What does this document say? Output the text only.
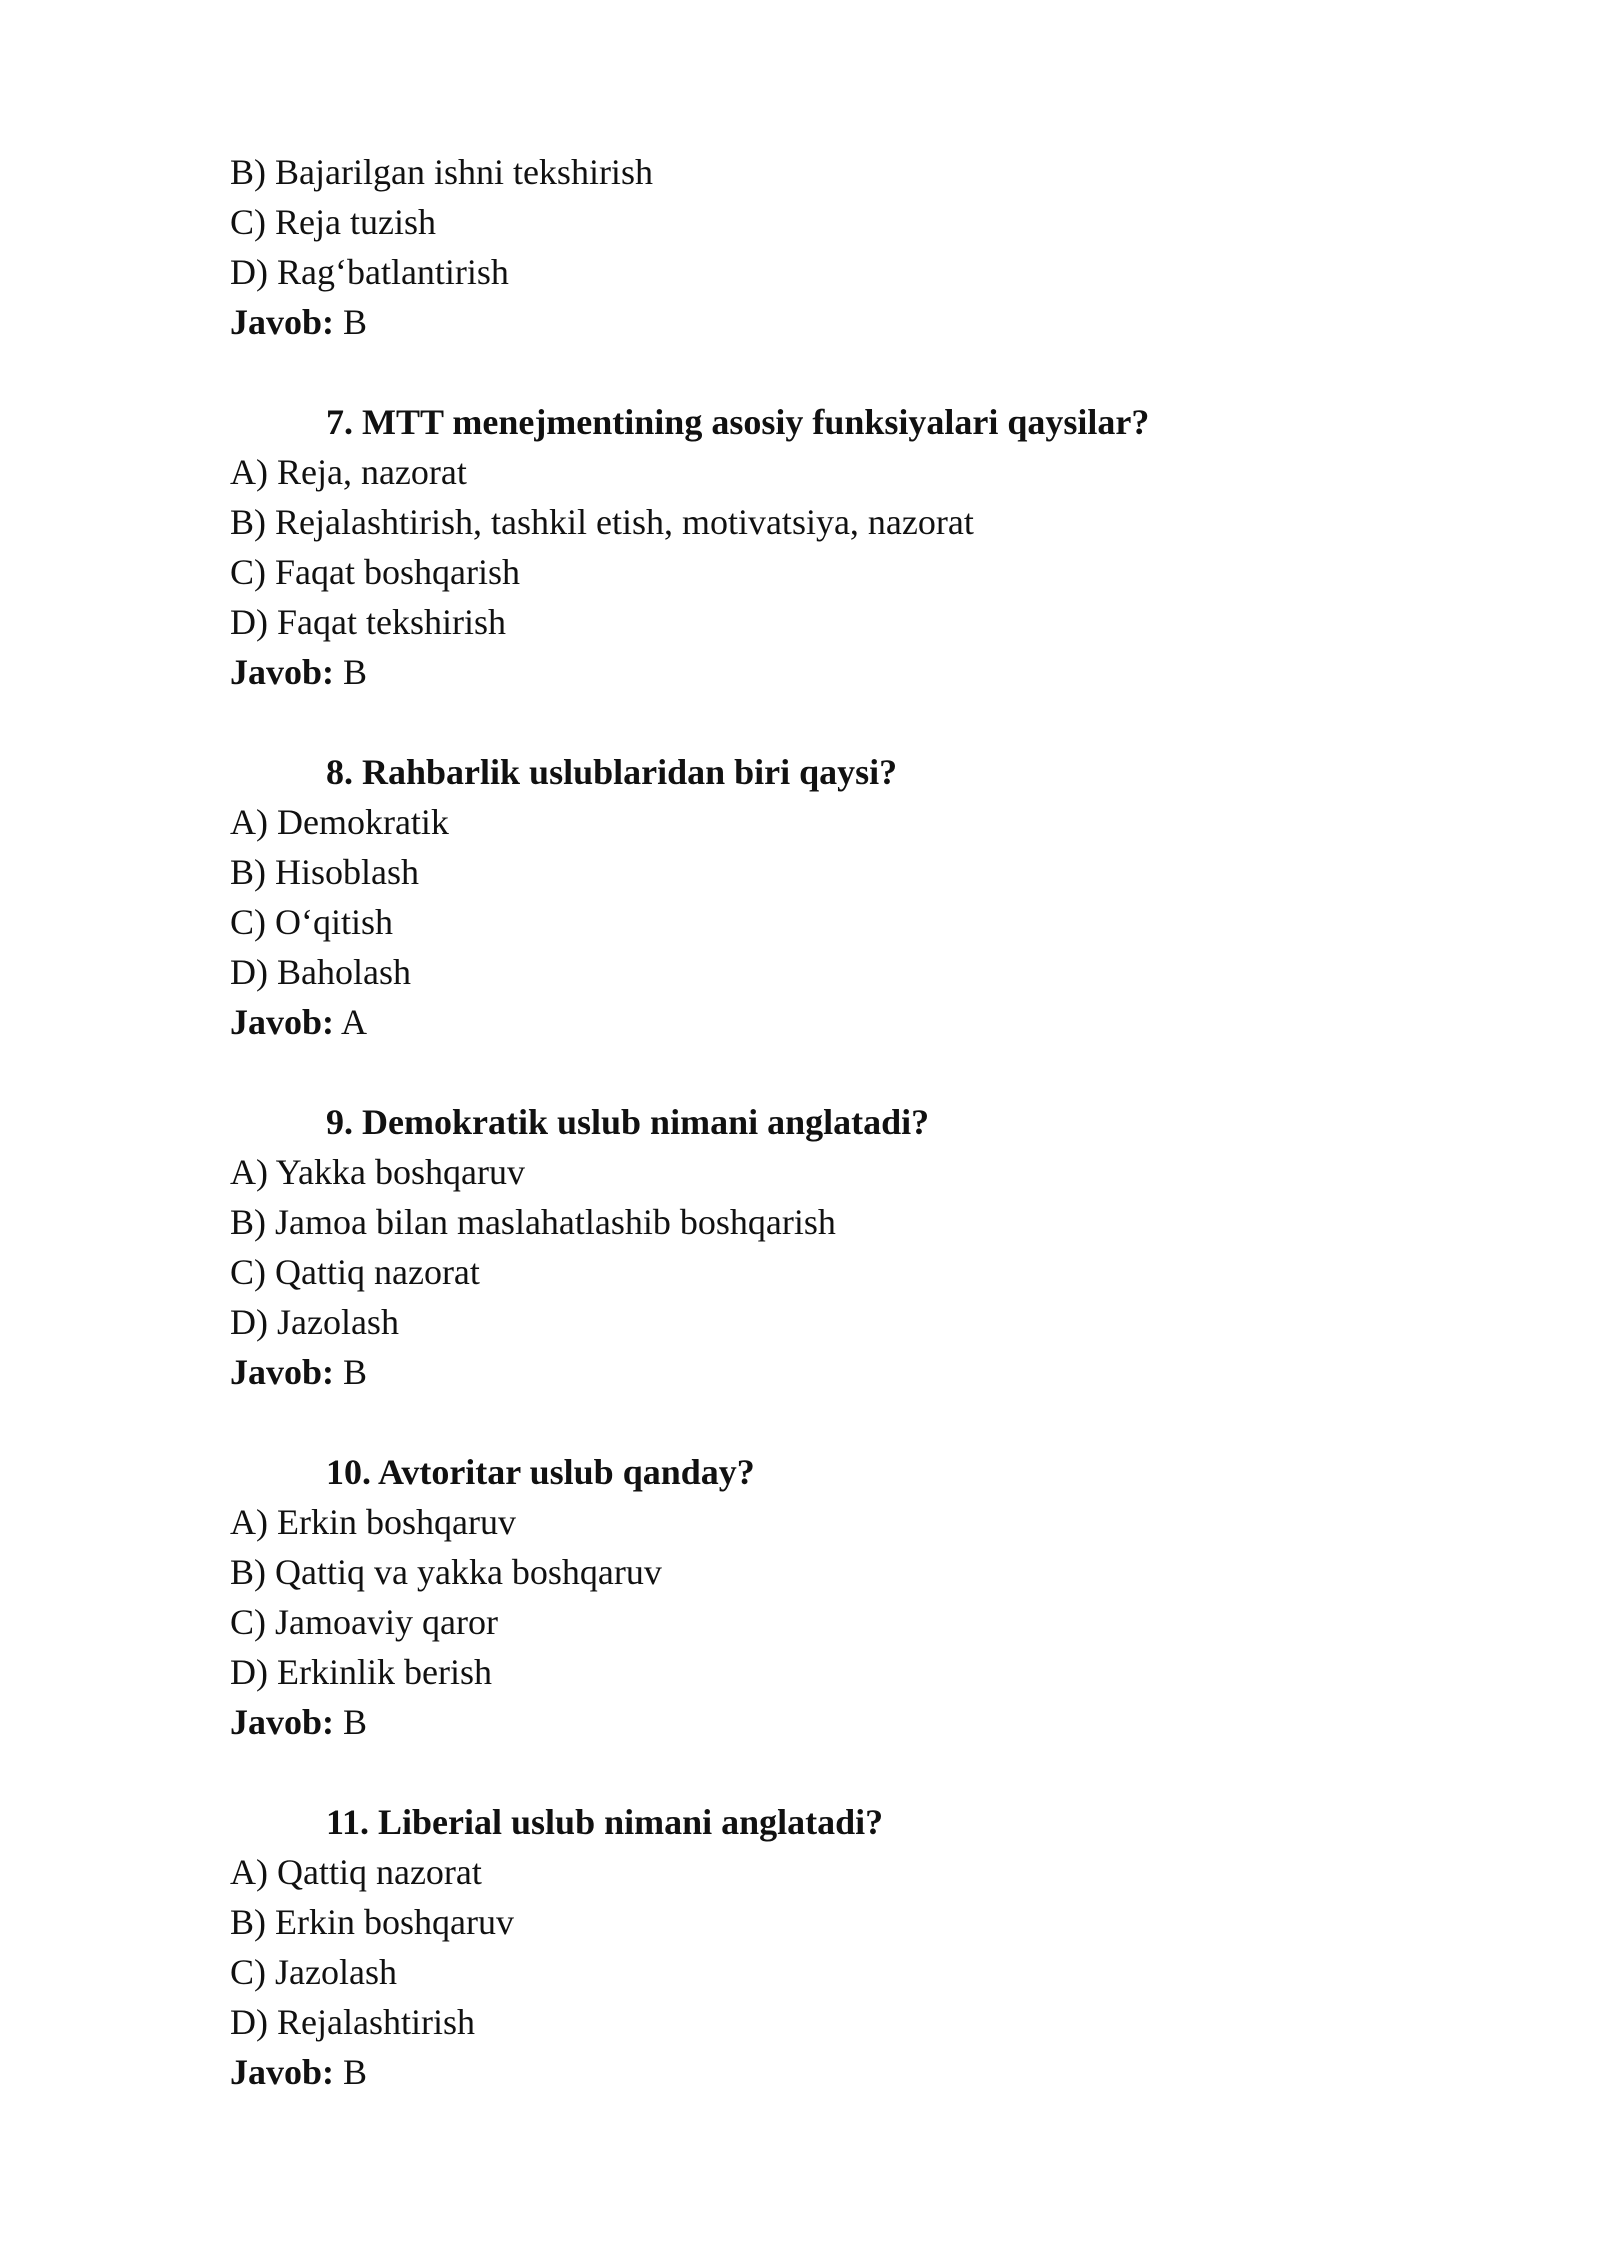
B) Bajarilgan ishni tekshirish
C) Reja tuzish
D) Rag‘batlantirish
Javob: B
7. MTT menejmentining asosiy funksiyalari qaysilar?
A) Reja, nazorat
B) Rejalashtirish, tashkil etish, motivatsiya, nazorat
C) Faqat boshqarish
D) Faqat tekshirish
Javob: B
8. Rahbarlik uslublaridan biri qaysi?
A) Demokratik
B) Hisoblash
C) O‘qitish
D) Baholash
Javob: A
9. Demokratik uslub nimani anglatadi?
A) Yakka boshqaruv
B) Jamoa bilan maslahatlashib boshqarish
C) Qattiq nazorat
D) Jazolash
Javob: B
10. Avtoritar uslub qanday?
A) Erkin boshqaruv
B) Qattiq va yakka boshqaruv
C) Jamoaviy qaror
D) Erkinlik berish
Javob: B
11. Liberial uslub nimani anglatadi?
A) Qattiq nazorat
B) Erkin boshqaruv
C) Jazolash
D) Rejalashtirish
Javob: B
